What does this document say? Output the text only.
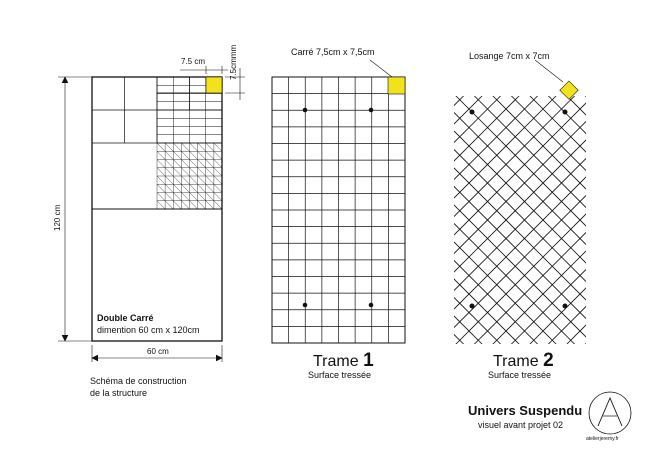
7.5 cm	7.5cmmm
120 cm
60 cm
Double Carré
dimention 60 cm x 120cm
Schéma de construction
de la structure
Carré 7,5cm x 7,5cm
Trame 1
Surface tressée
Losange 7cm x 7cm
Trame 2
Surface tressée
Univers Suspendu
visuel avant projet 02
atelierjeremy.fr
